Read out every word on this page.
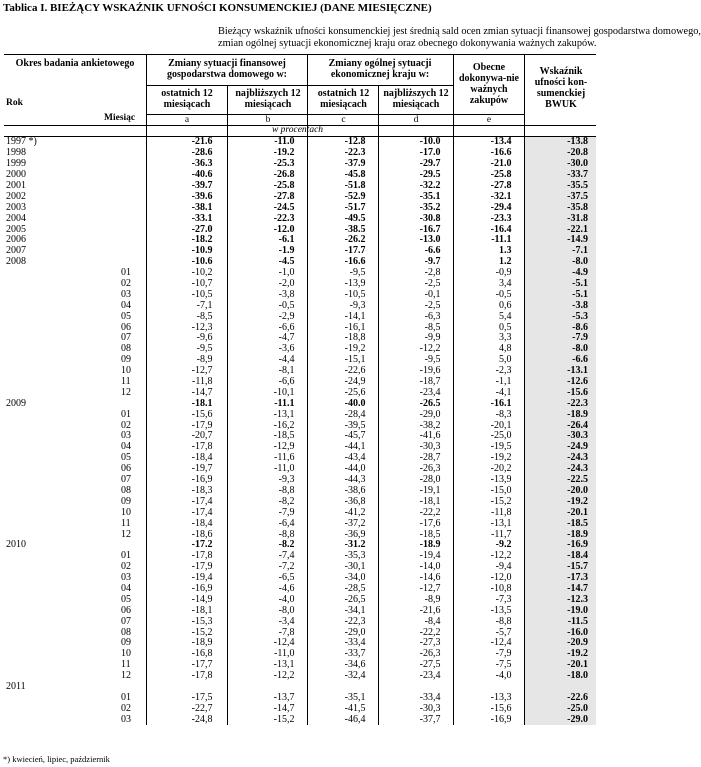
Tablica I. BIEŻĄCY WSKAŹNIK UFNOŚCI KONSUMENCKIEJ (DANE MIESIĘCZNE)
Bieżący wskaźnik ufności konsumenckiej jest średnią sald ocen zmian sytuacji finansowej gospodarstwa domowego,
zmian ogólnej sytuacji ekonomicznej kraju oraz obecnego dokonywania ważnych zakupów.
Okres badania ankietowego
Rok
Miesiąc
Zmiany sytuacji finansowej gospodarstwa domowego w:
Zmiany ogólnej sytuacji ekonomicznej kraju w:
ostatnich 12 miesiącach
najbliższych 12 miesiącach
ostatnich 12 miesiącach
najbliższych 12 miesiącach
Obecne dokonywa-nie ważnych zakupów
Wskaźnik ufności kon-sumenckiej BWUK
a	b	c	d	e
w procentach
1997 *)	-21.6	-11.0	-12.8	-10.0	-13.4	-13.8
1998	-28.6	-19.2	-22.3	-17.0	-16.6	-20.8
1999	-36.3	-25.3	-37.9	-29.7	-21.0	-30.0
2000	-40.6	-26.8	-45.8	-29.5	-25.8	-33.7
2001	-39.7	-25.8	-51.8	-32.2	-27.8	-35.5
2002	-39.6	-27.8	-52.9	-35.1	-32.1	-37.5
2003	-38.1	-24.5	-51.7	-35.2	-29.4	-35.8
2004	-33.1	-22.3	-49.5	-30.8	-23.3	-31.8
2005	-27.0	-12.0	-38.5	-16.7	-16.4	-22.1
2006	-18.2	-6.1	-26.2	-13.0	-11.1	-14.9
2007	-10.9	-1.9	-17.7	-6.6	1.3	-7.1
2008	-10.6	-4.5	-16.6	-9.7	1.2	-8.0
01	-10,2	-1,0	-9,5	-2,8	-0,9	-4.9
02	-10,7	-2,0	-13,9	-2,5	3,4	-5.1
03	-10,5	-3,8	-10,5	-0,1	-0,5	-5.1
04	-7,1	-0,5	-9,3	-2,5	0,6	-3.8
05	-8,5	-2,9	-14,1	-6,3	5,4	-5.3
06	-12,3	-6,6	-16,1	-8,5	0,5	-8.6
07	-9,6	-4,7	-18,8	-9,9	3,3	-7.9
08	-9,5	-3,6	-19,2	-12,2	4,8	-8.0
09	-8,9	-4,4	-15,1	-9,5	5,0	-6.6
10	-12,7	-8,1	-22,6	-19,6	-2,3	-13.1
11	-11,8	-6,6	-24,9	-18,7	-1,1	-12.6
12	-14,7	-10,1	-25,6	-23,4	-4,1	-15.6
2009	-18.1	-11.1	-40.0	-26.5	-16.1	-22.3
01	-15,6	-13,1	-28,4	-29,0	-8,3	-18.9
02	-17,9	-16,2	-39,5	-38,2	-20,1	-26.4
03	-20,7	-18,5	-45,7	-41,6	-25,0	-30.3
04	-17,8	-12,9	-44,1	-30,3	-19,5	-24.9
05	-18,4	-11,6	-43,4	-28,7	-19,2	-24.3
06	-19,7	-11,0	-44,0	-26,3	-20,2	-24.3
07	-16,9	-9,3	-44,3	-28,0	-13,9	-22.5
08	-18,3	-8,8	-38,6	-19,1	-15,0	-20.0
09	-17,4	-8,2	-36,8	-18,1	-15,2	-19.2
10	-17,4	-7,9	-41,2	-22,2	-11,8	-20.1
11	-18,4	-6,4	-37,2	-17,6	-13,1	-18.5
12	-18,6	-8,8	-36,9	-18,5	-11,7	-18.9
2010	-17.2	-8.2	-31.2	-18.9	-9.2	-16.9
01	-17,8	-7,4	-35,3	-19,4	-12,2	-18.4
02	-17,9	-7,2	-30,1	-14,0	-9,4	-15.7
03	-19,4	-6,5	-34,0	-14,6	-12,0	-17.3
04	-16,9	-4,6	-28,5	-12,7	-10,8	-14.7
05	-14,9	-4,0	-26,5	-8,9	-7,3	-12.3
06	-18,1	-8,0	-34,1	-21,6	-13,5	-19.0
07	-15,3	-3,4	-22,3	-8,4	-8,8	-11.5
08	-15,2	-7,8	-29,0	-22,2	-5,7	-16.0
09	-18,9	-12,4	-33,4	-27,3	-12,4	-20.9
10	-16,8	-11,0	-33,7	-26,3	-7,9	-19.2
11	-17,7	-13,1	-34,6	-27,5	-7,5	-20.1
12	-17,8	-12,2	-32,4	-23,4	-4,0	-18.0
2011						
01	-17,5	-13,7	-35,1	-33,4	-13,3	-22.6
02	-22,7	-14,7	-41,5	-30,3	-15,6	-25.0
03	-24,8	-15,2	-46,4	-37,7	-16,9	-29.0
*) kwiecień, lipiec, październik
